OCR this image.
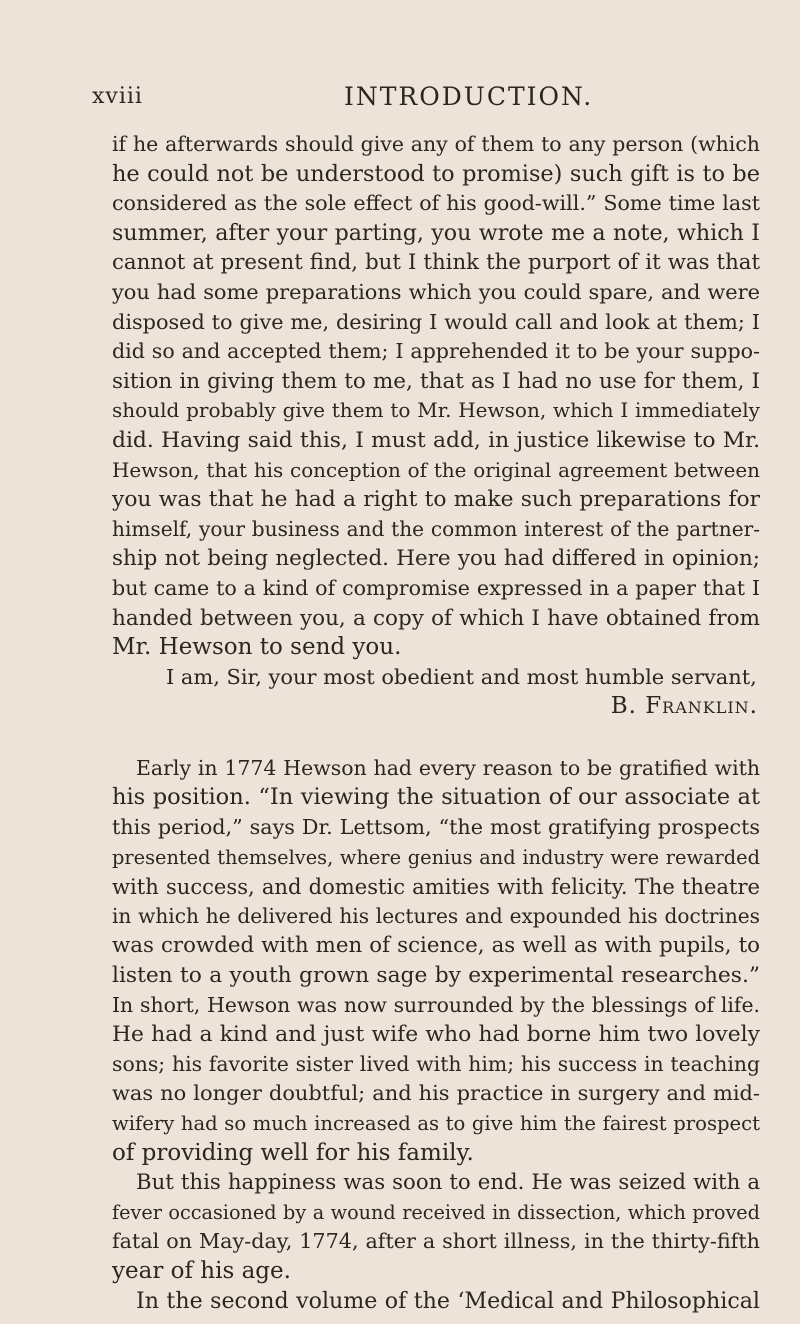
xviii	INTRODUCTION.
if he afterwards should give any of them to any person (which
he could not be understood to promise) such gift is to be
considered as the sole effect of his good-will.” Some time last
summer, after your parting, you wrote me a note, which I
cannot at present find, but I think the purport of it was that
you had some preparations which you could spare, and were
disposed to give me, desiring I would call and look at them; I
did so and accepted them; I apprehended it to be your suppo-
sition in giving them to me, that as I had no use for them, I
should probably give them to Mr. Hewson, which I immediately
did. Having said this, I must add, in justice likewise to Mr.
Hewson, that his conception of the original agreement between
you was that he had a right to make such preparations for
himself, your business and the common interest of the partner-
ship not being neglected. Here you had differed in opinion;
but came to a kind of compromise expressed in a paper that I
handed between you, a copy of which I have obtained from
Mr. Hewson to send you.
I am, Sir, your most obedient and most humble servant,
B. Franklin.
Early in 1774 Hewson had every reason to be gratified with
his position. “In viewing the situation of our associate at
this period,” says Dr. Lettsom, “the most gratifying prospects
presented themselves, where genius and industry were rewarded
with success, and domestic amities with felicity. The theatre
in which he delivered his lectures and expounded his doctrines
was crowded with men of science, as well as with pupils, to
listen to a youth grown sage by experimental researches.”
In short, Hewson was now surrounded by the blessings of life.
He had a kind and just wife who had borne him two lovely
sons; his favorite sister lived with him; his success in teaching
was no longer doubtful; and his practice in surgery and mid-
wifery had so much increased as to give him the fairest prospect
of providing well for his family.
But this happiness was soon to end. He was seized with a
fever occasioned by a wound received in dissection, which proved
fatal on May-day, 1774, after a short illness, in the thirty-fifth
year of his age.
In the second volume of the ‘Medical and Philosophical
